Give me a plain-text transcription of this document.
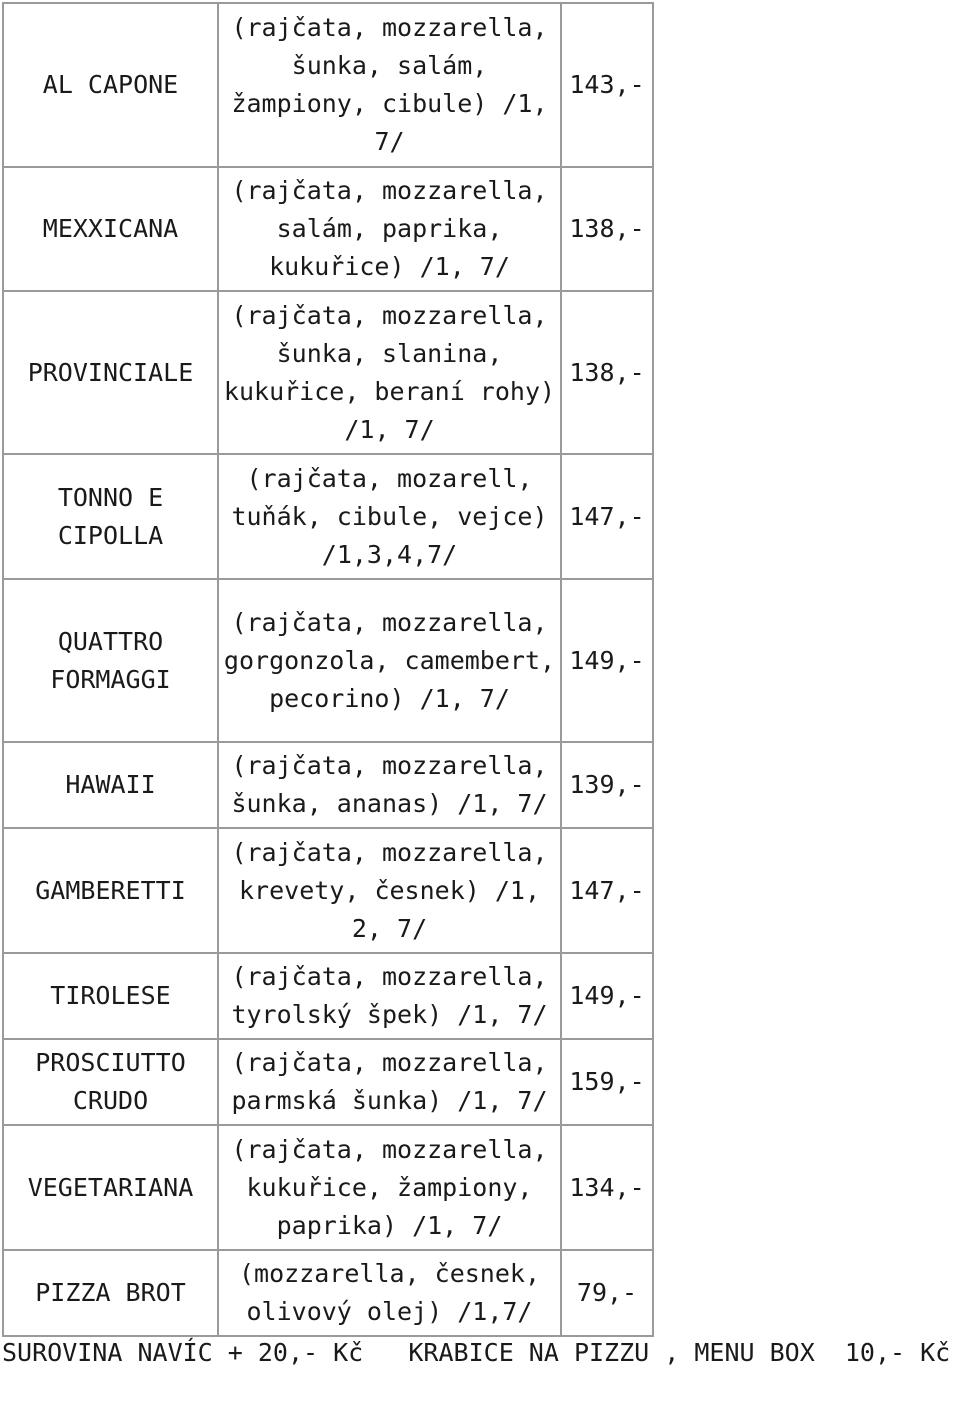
AL CAPONE	(rajčata, mozzarella, šunka, salám, žampiony, cibule) /1, 7/	143,-
MEXXICANA	(rajčata, mozzarella, salám, paprika, kukuřice) /1, 7/	138,-
PROVINCIALE	(rajčata, mozzarella, šunka, slanina, kukuřice, beraní rohy) /1, 7/	138,-
TONNO E CIPOLLA	(rajčata, mozarell, tuňák, cibule, vejce) /1,3,4,7/	147,-
QUATTRO FORMAGGI	(rajčata, mozzarella, gorgonzola, camembert, pecorino) /1, 7/	149,-
HAWAII	(rajčata, mozzarella, šunka, ananas) /1, 7/	139,-
GAMBERETTI	(rajčata, mozzarella, krevety, česnek) /1, 2, 7/	147,-
TIROLESE	(rajčata, mozzarella, tyrolský špek) /1, 7/	149,-
PROSCIUTTO CRUDO	(rajčata, mozzarella, parmská šunka) /1, 7/	159,-
VEGETARIANA	(rajčata, mozzarella, kukuřice, žampiony, paprika) /1, 7/	134,-
PIZZA BROT	(mozzarella, česnek, olivový olej) /1,7/	79,-
SUROVINA NAVÍC + 20,- Kč   KRABICE NA PIZZU , MENU BOX  10,- Kč
